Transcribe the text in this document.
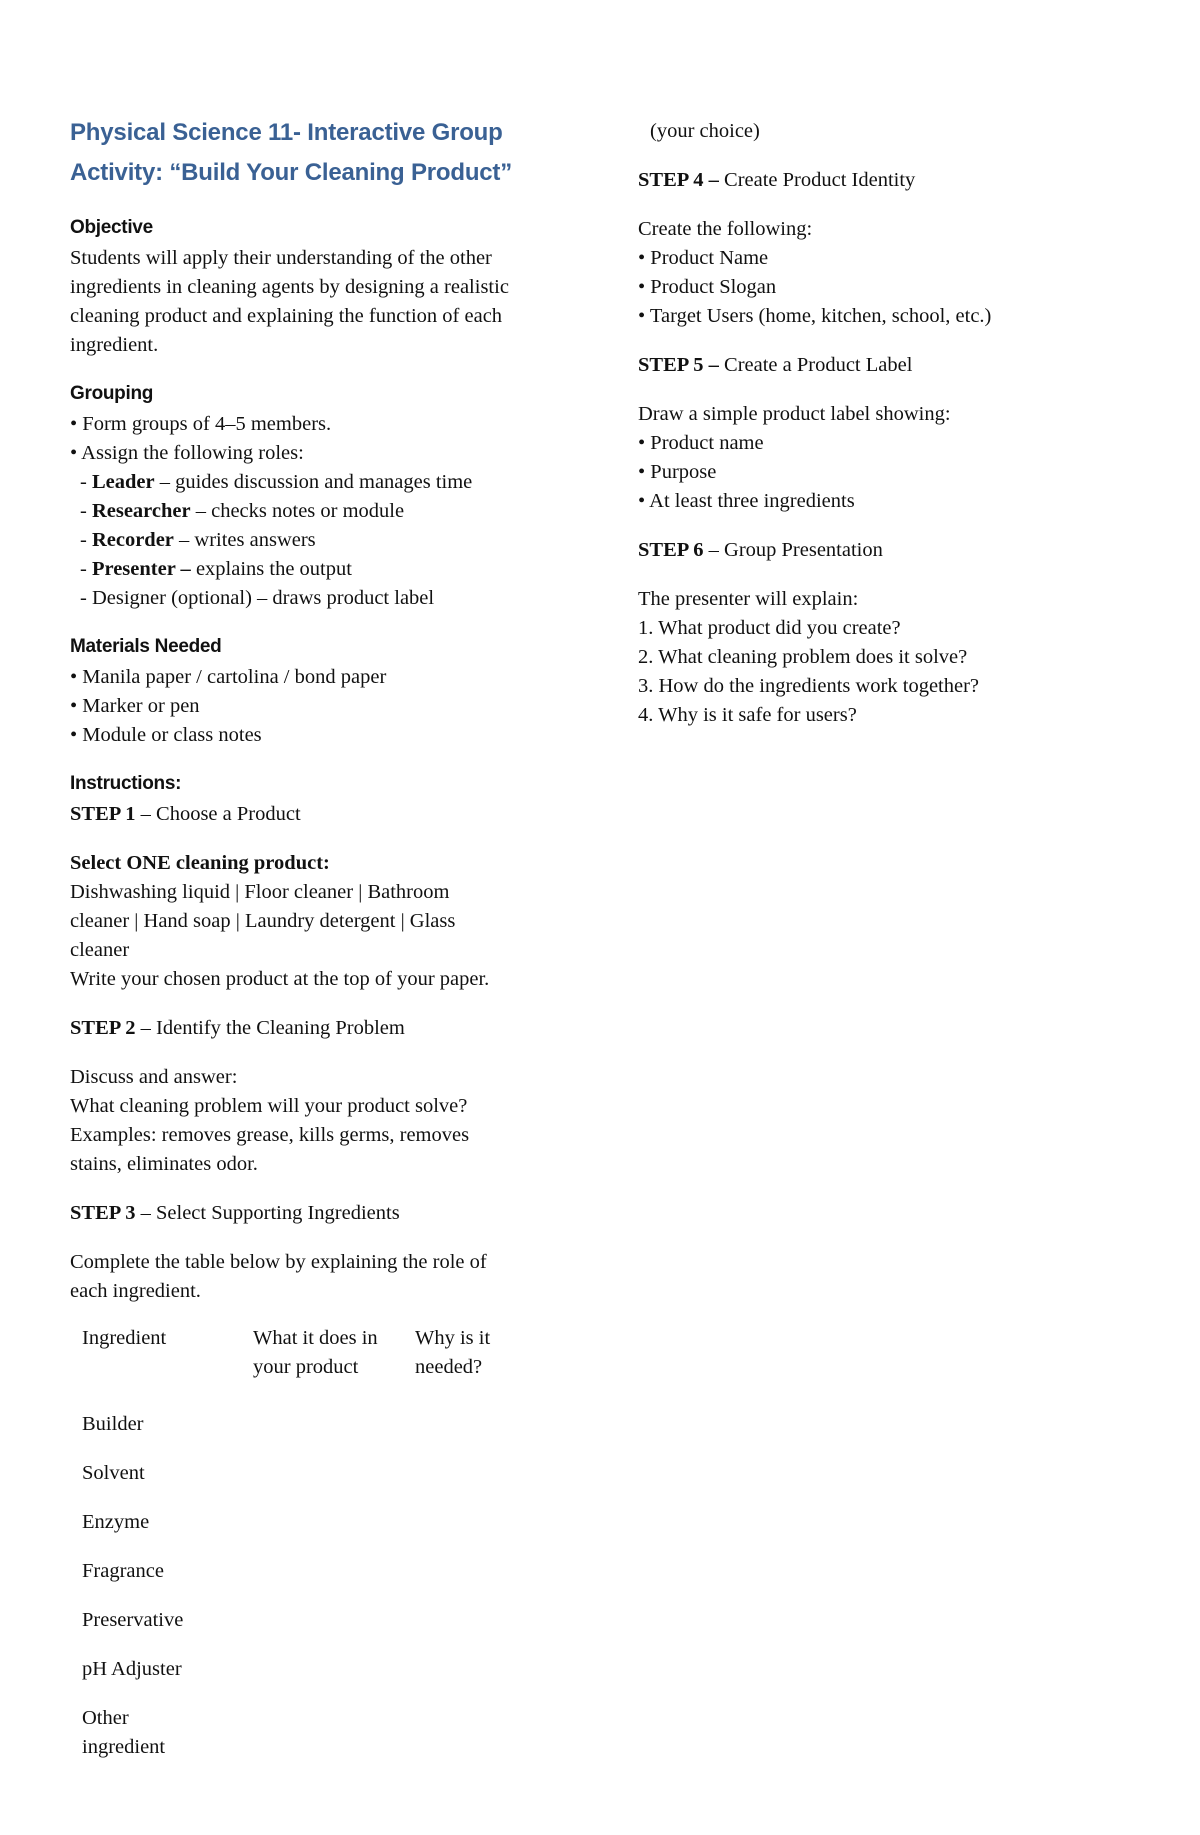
Physical Science 11- Interactive Group
Activity: “Build Your Cleaning Product”
Objective
Students will apply their understanding of the other
ingredients in cleaning agents by designing a realistic
cleaning product and explaining the function of each
ingredient.
Grouping
• Form groups of 4–5 members.
• Assign the following roles:
- Leader – guides discussion and manages time
- Researcher – checks notes or module
- Recorder – writes answers
- Presenter – explains the output
- Designer (optional) – draws product label
Materials Needed
• Manila paper / cartolina / bond paper
• Marker or pen
• Module or class notes
Instructions:
STEP 1 – Choose a Product
Select ONE cleaning product:
Dishwashing liquid | Floor cleaner | Bathroom
cleaner | Hand soap | Laundry detergent | Glass
cleaner
Write your chosen product at the top of your paper.
STEP 2 – Identify the Cleaning Problem
Discuss and answer:
What cleaning problem will your product solve?
Examples: removes grease, kills germs, removes
stains, eliminates odor.
STEP 3 – Select Supporting Ingredients
Complete the table below by explaining the role of
each ingredient.
Ingredient	What it does in
your product
Why is it
needed?
Builder
Solvent
Enzyme
Fragrance
Preservative
pH Adjuster
Other
ingredient
(your choice)
STEP 4 – Create Product Identity
Create the following:
• Product Name
• Product Slogan
• Target Users (home, kitchen, school, etc.)
STEP 5 – Create a Product Label
Draw a simple product label showing:
• Product name
• Purpose
• At least three ingredients
STEP 6 – Group Presentation
The presenter will explain:
1. What product did you create?
2. What cleaning problem does it solve?
3. How do the ingredients work together?
4. Why is it safe for users?
